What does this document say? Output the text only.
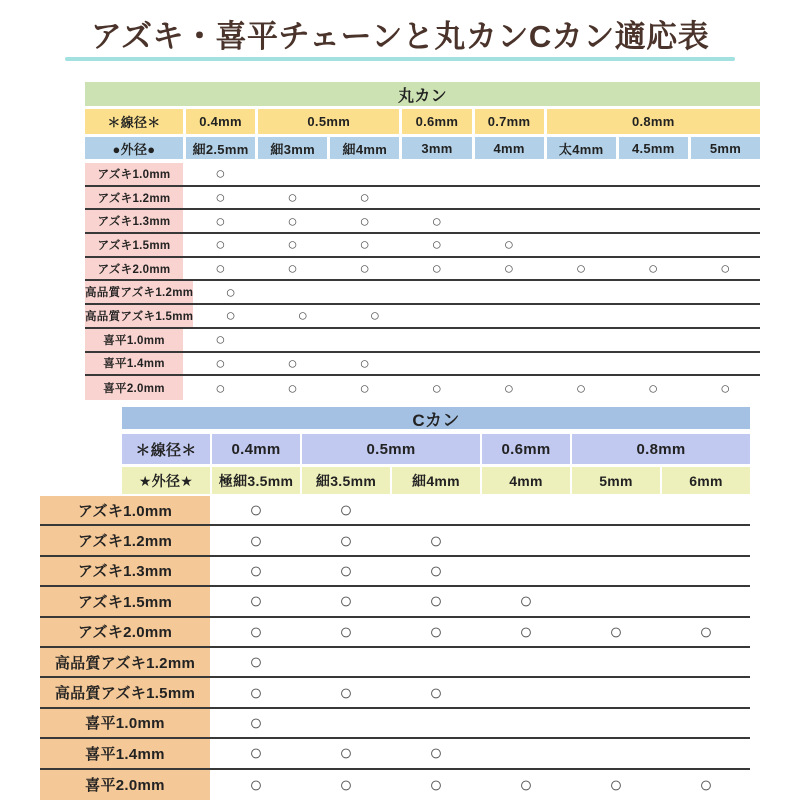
アズキ・喜平チェーンと丸カンCカン適応表
丸カン
＊線径＊	0.4mm	0.5mm	0.6mm	0.7mm	0.8mm
●外径●	細2.5mm	細3mm	細4mm	3mm	4mm	太4mm	4.5mm	5mm
アズキ1.0mm	○
アズキ1.2mm	○	○	○
アズキ1.3mm	○	○	○	○
アズキ1.5mm	○	○	○	○	○
アズキ2.0mm	○	○	○	○	○	○	○	○
高品質アズキ1.2mm ○
高品質アズキ1.5mm ○	○	○
喜平1.0mm	○
喜平1.4mm	○	○	○
喜平2.0mm	○	○	○	○	○	○	○	○
Cカン
＊線径＊	0.4mm	0.5mm	0.6mm	0.8mm
★外径★	極細3.5mm	細3.5mm	細4mm	4mm	5mm	6mm
アズキ1.0mm	○	○
アズキ1.2mm	○	○	○
アズキ1.3mm	○	○	○
アズキ1.5mm	○	○	○	○
アズキ2.0mm	○	○	○	○	○	○
高品質アズキ1.2mm	○
高品質アズキ1.5mm	○	○	○
喜平1.0mm	○
喜平1.4mm	○	○	○
喜平2.0mm	○	○	○	○	○	○
